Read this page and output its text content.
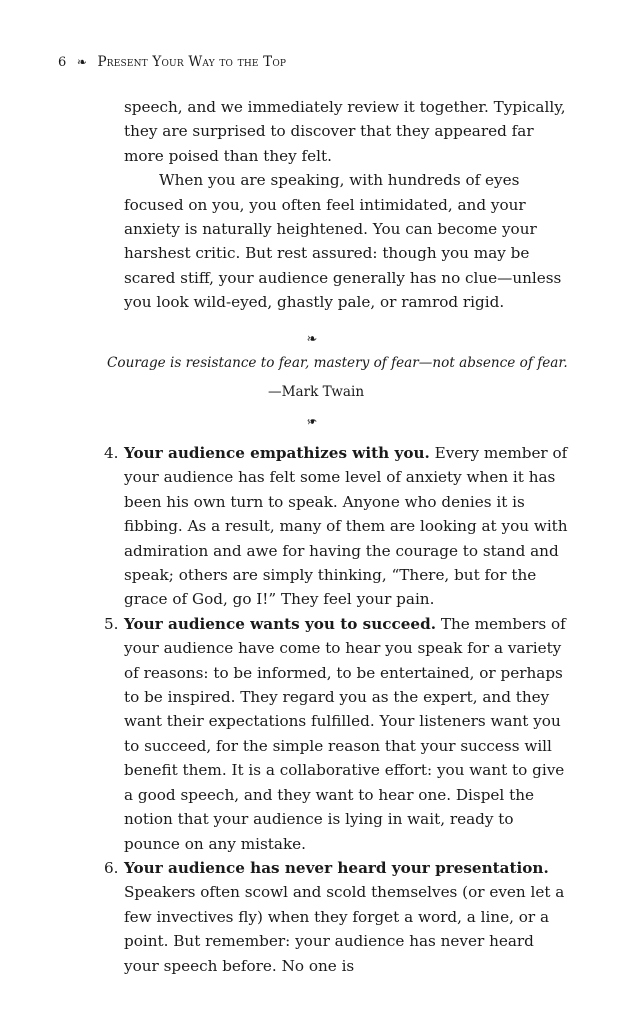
6 ❧ Present Your Way to the Top

speech, and we immediately review it together. Typically, they are surprised to discover that they appeared far more poised than they felt.

When you are speaking, with hundreds of eyes focused on you, you often feel intimidated, and your anxiety is naturally heightened. You can become your harshest critic. But rest assured: though you may be scared stiff, your audience generally has no clue—unless you look wild-eyed, ghastly pale, or ramrod rigid.

❧
Courage is resistance to fear, mastery of fear—not absence of fear.
—Mark Twain
❧
4. Your audience empathizes with you. Every member of your audience has felt some level of anxiety when it has been his own turn to speak. Anyone who denies it is fibbing. As a result, many of them are looking at you with admiration and awe for having the courage to stand and speak; others are simply thinking, “There, but for the grace of God, go I!” They feel your pain.
5. Your audience wants you to succeed. The members of your audience have come to hear you speak for a variety of reasons: to be informed, to be entertained, or perhaps to be inspired. They regard you as the expert, and they want their expectations fulfilled. Your listeners want you to succeed, for the simple reason that your success will benefit them. It is a collaborative effort: you want to give a good speech, and they want to hear one. Dispel the notion that your audience is lying in wait, ready to pounce on any mistake.
6. Your audience has never heard your presentation. Speakers often scowl and scold themselves (or even let a few invectives fly) when they forget a word, a line, or a point. But remember: your audience has never heard your speech before. No one is
